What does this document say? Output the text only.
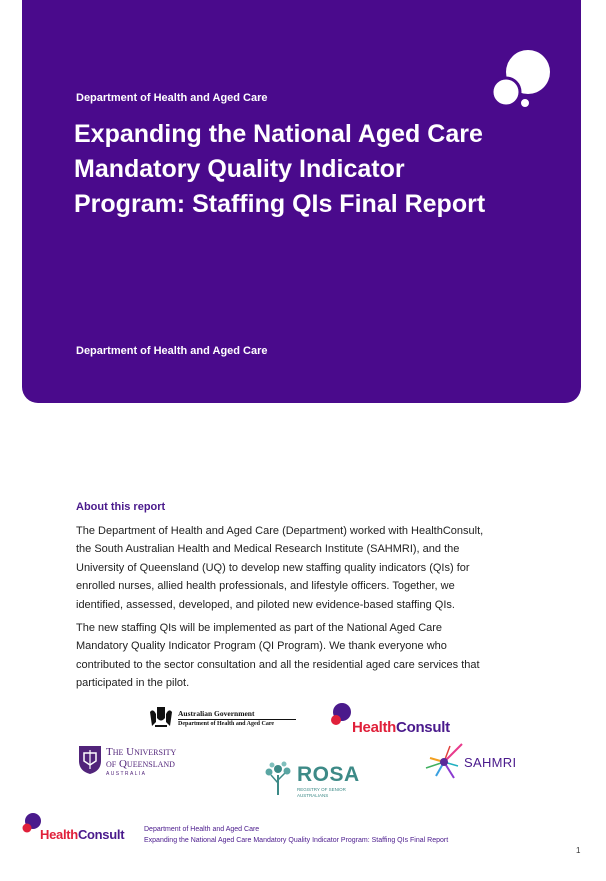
Department of Health and Aged Care
Expanding the National Aged Care
Mandatory Quality Indicator
Program: Staffing QIs Final Report
Department of Health and Aged Care
About this report

The Department of Health and Aged Care (Department) worked with HealthConsult,
the South Australian Health and Medical Research Institute (SAHMRI), and the
University of Queensland (UQ) to develop new staffing quality indicators (QIs) for
enrolled nurses, allied health professionals, and lifestyle officers. Together, we
identified, assessed, developed, and piloted new evidence-based staffing QIs.

The new staffing QIs will be implemented as part of the National Aged Care
Mandatory Quality Indicator Program (QI Program). We thank everyone who
contributed to the sector consultation and all the residential aged care services that
participated in the pilot.

Australian Government
Department of Health and Aged Care	HealthConsult
The University
of Queensland
AUSTRALIA	ROSA
REGISTRY OF SENIOR
AUSTRALIANS
SAHMRI
HealthConsult	Department of Health and Aged Care
Expanding the National Aged Care Mandatory Quality Indicator Program: Staffing QIs Final Report
1
